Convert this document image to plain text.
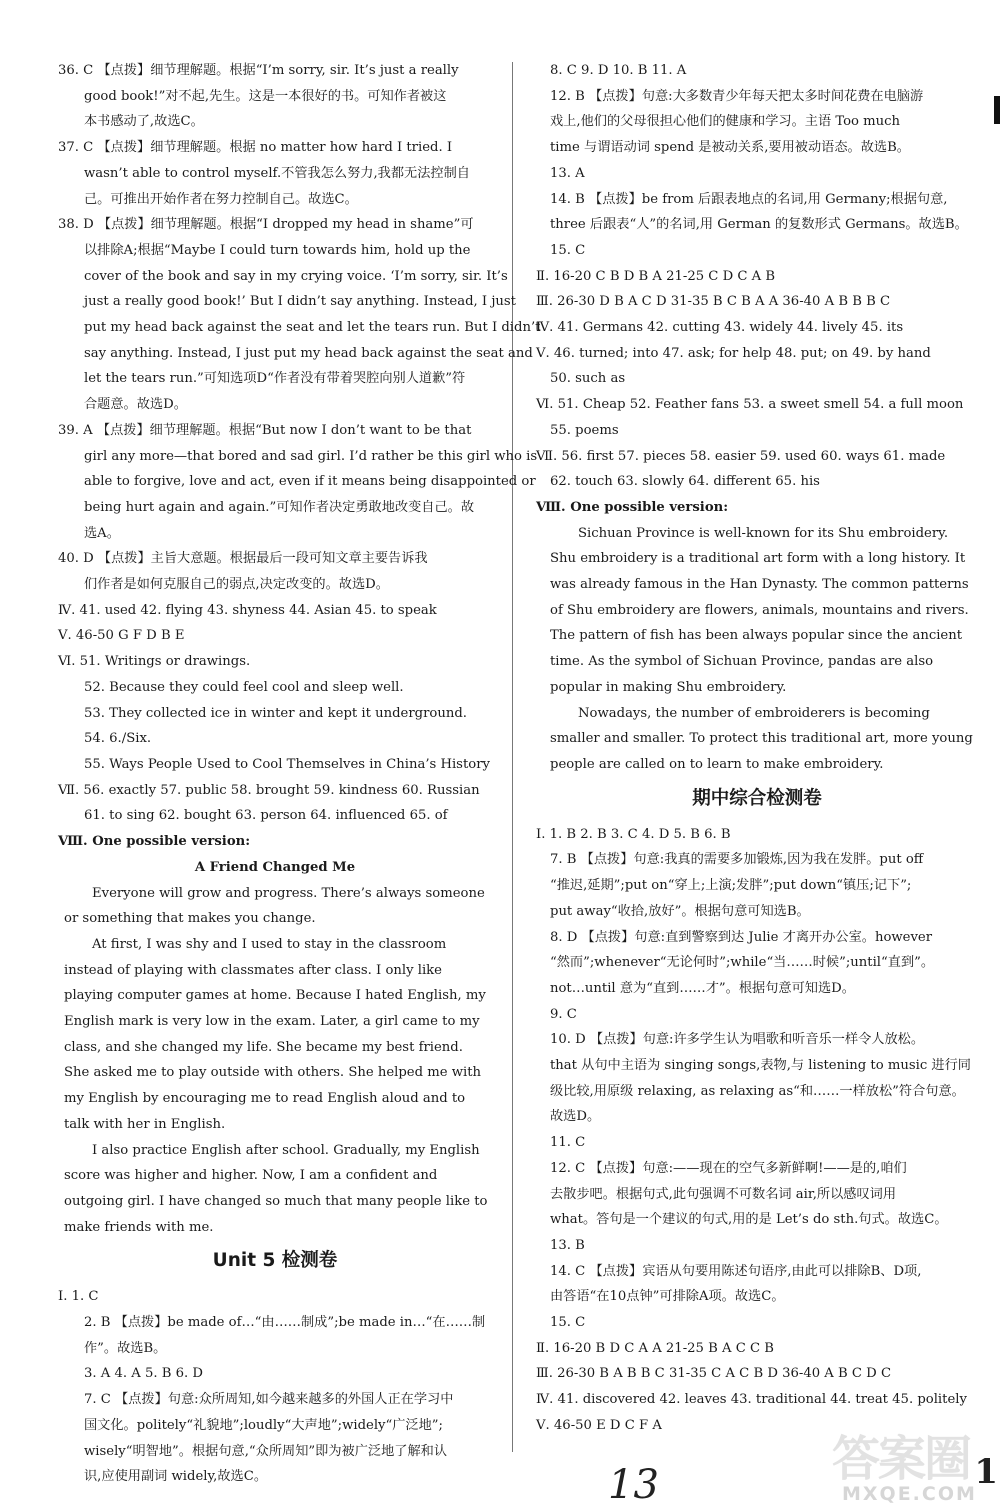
36. C 【点拨】细节理解题。根据“I’m sorry, sir. It’s just a really
good book!”对不起,先生。这是一本很好的书。可知作者被这
本书感动了,故选C。
37. C 【点拨】细节理解题。根据 no matter how hard I tried. I
wasn’t able to control myself.不管我怎么努力,我都无法控制自
己。可推出开始作者在努力控制自己。故选C。
38. D 【点拨】细节理解题。根据“I dropped my head in shame”可
以排除A;根据“Maybe I could turn towards him, hold up the
cover of the book and say in my crying voice. ‘I’m sorry, sir. It’s
just a really good book!’ But I didn’t say anything. Instead, I just
put my head back against the seat and let the tears run. But I didn’t
say anything. Instead, I just put my head back against the seat and
let the tears run.”可知选项D“作者没有带着哭腔向别人道歉”符
合题意。故选D。
39. A 【点拨】细节理解题。根据“But now I don’t want to be that
girl any more—that bored and sad girl. I’d rather be this girl who is
able to forgive, love and act, even if it means being disappointed or
being hurt again and again.”可知作者决定勇敢地改变自己。故
选A。
40. D 【点拨】主旨大意题。根据最后一段可知文章主要告诉我
们作者是如何克服自己的弱点,决定改变的。故选D。
Ⅳ. 41. used 42. flying 43. shyness 44. Asian 45. to speak
Ⅴ. 46-50 G F D B E
Ⅵ. 51. Writings or drawings.
52. Because they could feel cool and sleep well.
53. They collected ice in winter and kept it underground.
54. 6./Six.
55. Ways People Used to Cool Themselves in China’s History
Ⅶ. 56. exactly 57. public 58. brought 59. kindness 60. Russian
61. to sing 62. bought 63. person 64. influenced 65. of
Ⅷ. One possible version:
A Friend Changed Me
Everyone will grow and progress. There’s always someone or something that makes you change.
At first, I was shy and I used to stay in the classroom instead of playing with classmates after class. I only like playing computer games at home. Because I hated English, my English mark is very low in the exam. Later, a girl came to my class, and she changed my life. She became my best friend. She asked me to play outside with others. She helped me with my English by encouraging me to read English aloud and to talk with her in English.
I also practice English after school. Gradually, my English score was higher and higher. Now, I am a confident and outgoing girl. I have changed so much that many people like to make friends with me.
Unit 5 检测卷
Ⅰ. 1. C
2. B 【点拨】be made of…“由……制成”;be made in…“在……制
作”。故选B。
3. A 4. A 5. B 6. D
7. C 【点拨】句意:众所周知,如今越来越多的外国人正在学习中
国文化。politely“礼貌地”;loudly“大声地”;widely“广泛地”;
wisely“明智地”。根据句意,“众所周知”即为被广泛地了解和认
识,应使用副词 widely,故选C。
8. C 9. D 10. B 11. A
12. B 【点拨】句意:大多数青少年每天把太多时间花费在电脑游
戏上,他们的父母很担心他们的健康和学习。主语 Too much
time 与谓语动词 spend 是被动关系,要用被动语态。故选B。
13. A
14. B 【点拨】be from 后跟表地点的名词,用 Germany;根据句意,
three 后跟表“人”的名词,用 German 的复数形式 Germans。故选B。
15. C
Ⅱ. 16-20 C B D B A 21-25 C D C A B
Ⅲ. 26-30 D B A C D 31-35 B C B A A 36-40 A B B B C
Ⅳ. 41. Germans 42. cutting 43. widely 44. lively 45. its
Ⅴ. 46. turned; into 47. ask; for help 48. put; on 49. by hand
50. such as
Ⅵ. 51. Cheap 52. Feather fans 53. a sweet smell 54. a full moon
55. poems
Ⅶ. 56. first 57. pieces 58. easier 59. used 60. ways 61. made
62. touch 63. slowly 64. different 65. his
Ⅷ. One possible version:
Sichuan Province is well-known for its Shu embroidery. Shu embroidery is a traditional art form with a long history. It was already famous in the Han Dynasty. The common patterns of Shu embroidery are flowers, animals, mountains and rivers. The pattern of fish has been always popular since the ancient time. As the symbol of Sichuan Province, pandas are also popular in making Shu embroidery.
Nowadays, the number of embroiderers is becoming smaller and smaller. To protect this traditional art, more young people are called on to learn to make embroidery.
期中综合检测卷
Ⅰ. 1. B 2. B 3. C 4. D 5. B 6. B
7. B 【点拨】句意:我真的需要多加锻炼,因为我在发胖。put off
“推迟,延期”;put on“穿上;上演;发胖”;put down“镇压;记下”;
put away“收拾,放好”。根据句意可知选B。
8. D 【点拨】句意:直到警察到达 Julie 才离开办公室。however
“然而”;whenever“无论何时”;while“当……时候”;until“直到”。
not…until 意为“直到……才”。根据句意可知选D。
9. C
10. D 【点拨】句意:许多学生认为唱歌和听音乐一样令人放松。
that 从句中主语为 singing songs,表物,与 listening to music 进行同
级比较,用原级 relaxing, as relaxing as“和……一样放松”符合句意。
故选D。
11. C
12. C 【点拨】句意:——现在的空气多新鲜啊!——是的,咱们
去散步吧。根据句式,此句强调不可数名词 air,所以感叹词用
what。答句是一个建议的句式,用的是 Let’s do sth.句式。故选C。
13. B
14. C 【点拨】宾语从句要用陈述句语序,由此可以排除B、D项,
由答语“在10点钟”可排除A项。故选C。
15. C
Ⅱ. 16-20 B D C A A 21-25 B A C C B
Ⅲ. 26-30 B A B B C 31-35 C A C B D 36-40 A B C D C
Ⅳ. 41. discovered 42. leaves 43. traditional 44. treat 45. politely
Ⅴ. 46-50 E D C F A
13	1
答案圈
MXQE.COM
